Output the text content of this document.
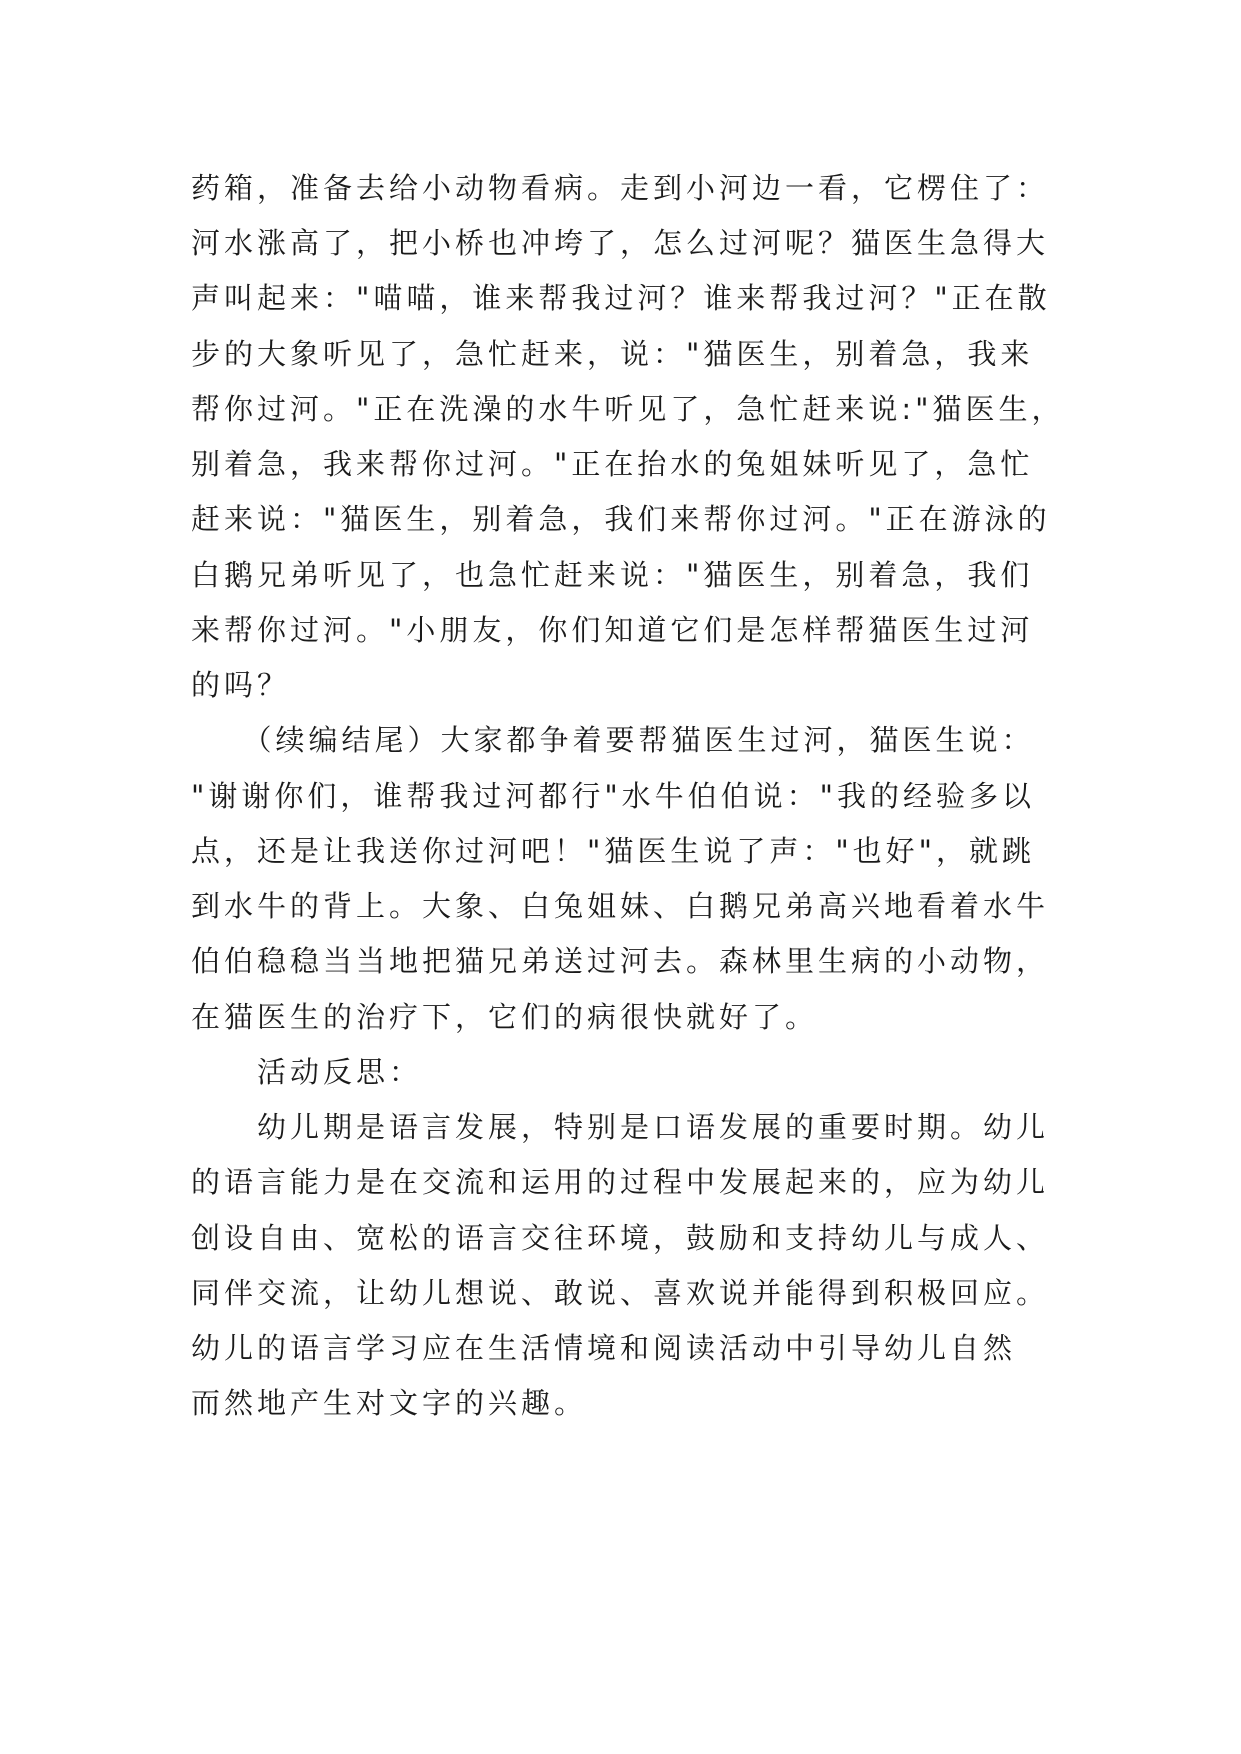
药箱，准备去给小动物看病。走到小河边一看，它楞住了：
河水涨高了，把小桥也冲垮了，怎么过河呢？猫医生急得大
声叫起来："喵喵，谁来帮我过河？谁来帮我过河？"正在散
步的大象听见了，急忙赶来，说："猫医生，别着急，我来
帮你过河。"正在洗澡的水牛听见了，急忙赶来说:"猫医生，
别着急，我来帮你过河。"正在抬水的兔姐妹听见了，急忙
赶来说："猫医生，别着急，我们来帮你过河。"正在游泳的
白鹅兄弟听见了，也急忙赶来说："猫医生，别着急，我们
来帮你过河。"小朋友，你们知道它们是怎样帮猫医生过河
的吗？
　　（续编结尾）大家都争着要帮猫医生过河，猫医生说：
"谢谢你们，谁帮我过河都行"水牛伯伯说："我的经验多以
点，还是让我送你过河吧！"猫医生说了声："也好"，就跳
到水牛的背上。大象、白兔姐妹、白鹅兄弟高兴地看着水牛
伯伯稳稳当当地把猫兄弟送过河去。森林里生病的小动物，
在猫医生的治疗下，它们的病很快就好了。
　　活动反思：
　　幼儿期是语言发展，特别是口语发展的重要时期。幼儿
的语言能力是在交流和运用的过程中发展起来的，应为幼儿
创设自由、宽松的语言交往环境，鼓励和支持幼儿与成人、
同伴交流，让幼儿想说、敢说、喜欢说并能得到积极回应。
幼儿的语言学习应在生活情境和阅读活动中引导幼儿自然
而然地产生对文字的兴趣。
